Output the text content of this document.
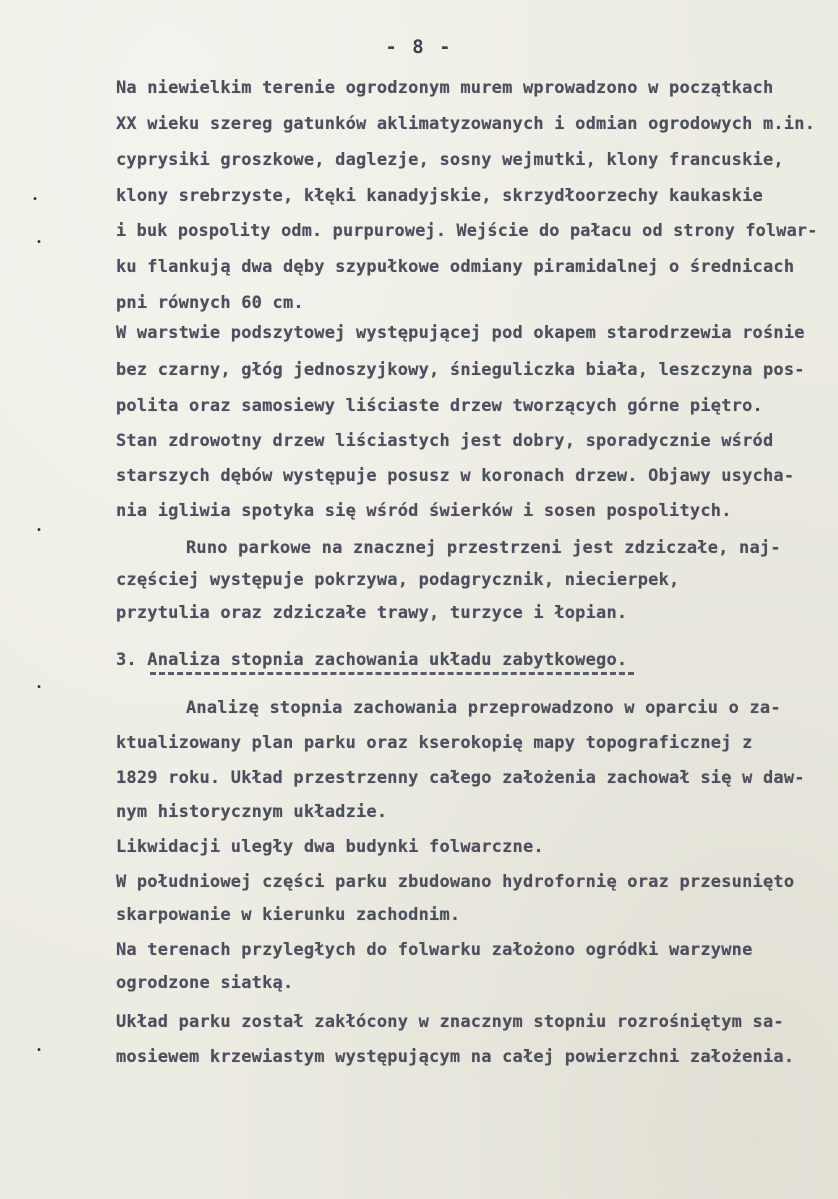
- 8 -
•
•
•
•
•
Na niewielkim terenie ogrodzonym murem wprowadzono w początkach
XX wieku szereg gatunków aklimatyzowanych i odmian ogrodowych m.in.
cyprysiki groszkowe, daglezje, sosny wejmutki, klony francuskie,
klony srebrzyste, kłęki kanadyjskie, skrzydłoorzechy kaukaskie
i buk pospolity odm. purpurowej. Wejście do pałacu od strony folwar-
ku flankują dwa dęby szypułkowe odmiany piramidalnej o średnicach
pni równych 60 cm.
W warstwie podszytowej występującej pod okapem starodrzewia rośnie
bez czarny, głóg jednoszyjkowy, śnieguliczka biała, leszczyna pos-
polita oraz samosiewy liściaste drzew tworzących górne piętro.
Stan zdrowotny drzew liściastych jest dobry, sporadycznie wśród
starszych dębów występuje posusz w koronach drzew. Objawy usycha-
nia igliwia spotyka się wśród świerków i sosen pospolitych.
Runo parkowe na znacznej przestrzeni jest zdziczałe, naj-
częściej występuje pokrzywa, podagrycznik, niecierpek,
przytulia oraz zdziczałe trawy, turzyce i łopian.
3. Analiza stopnia zachowania układu zabytkowego.
Analizę stopnia zachowania przeprowadzono w oparciu o za-
ktualizowany plan parku oraz kserokopię mapy topograficznej z
1829 roku. Układ przestrzenny całego założenia zachował się w daw-
nym historycznym układzie.
Likwidacji uległy dwa budynki folwarczne.
W południowej części parku zbudowano hydrofornię oraz przesunięto
skarpowanie w kierunku zachodnim.
Na terenach przyległych do folwarku założono ogródki warzywne
ogrodzone siatką.
Układ parku został zakłócony w znacznym stopniu rozrośniętym sa-
mosiewem krzewiastym występującym na całej powierzchni założenia.
